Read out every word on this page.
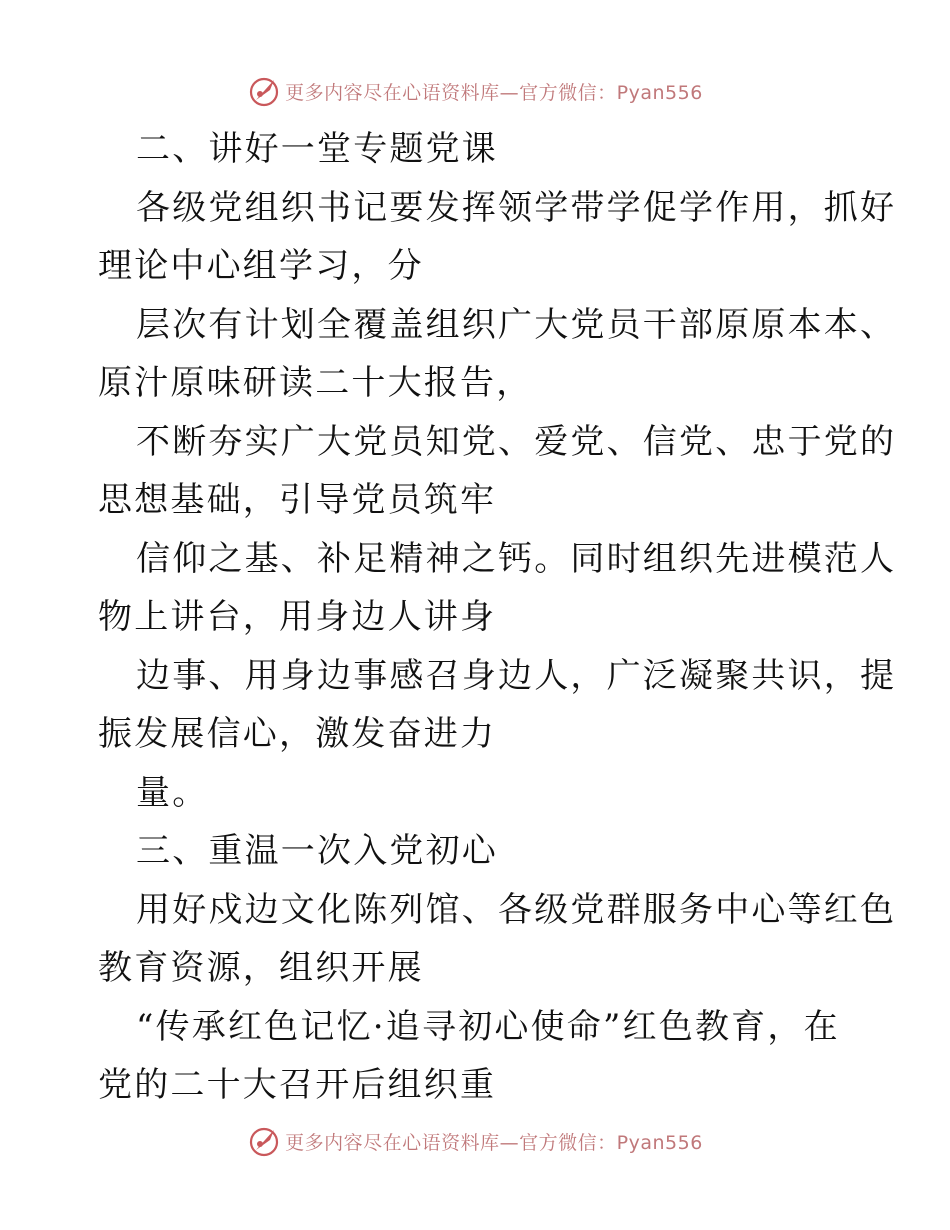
更多内容尽在心语资料库—官方微信：Pyan556
二、讲好一堂专题党课
各级党组织书记要发挥领学带学促学作用，抓好
理论中心组学习，分
层次有计划全覆盖组织广大党员干部原原本本、
原汁原味研读二十大报告，
不断夯实广大党员知党、爱党、信党、忠于党的
思想基础，引导党员筑牢
信仰之基、补足精神之钙。同时组织先进模范人
物上讲台，用身边人讲身
边事、用身边事感召身边人，广泛凝聚共识，提
振发展信心，激发奋进力
量。
三、重温一次入党初心
用好戍边文化陈列馆、各级党群服务中心等红色
教育资源，组织开展
“传承红色记忆·追寻初心使命”红色教育，在
党的二十大召开后组织重
更多内容尽在心语资料库—官方微信：Pyan556
